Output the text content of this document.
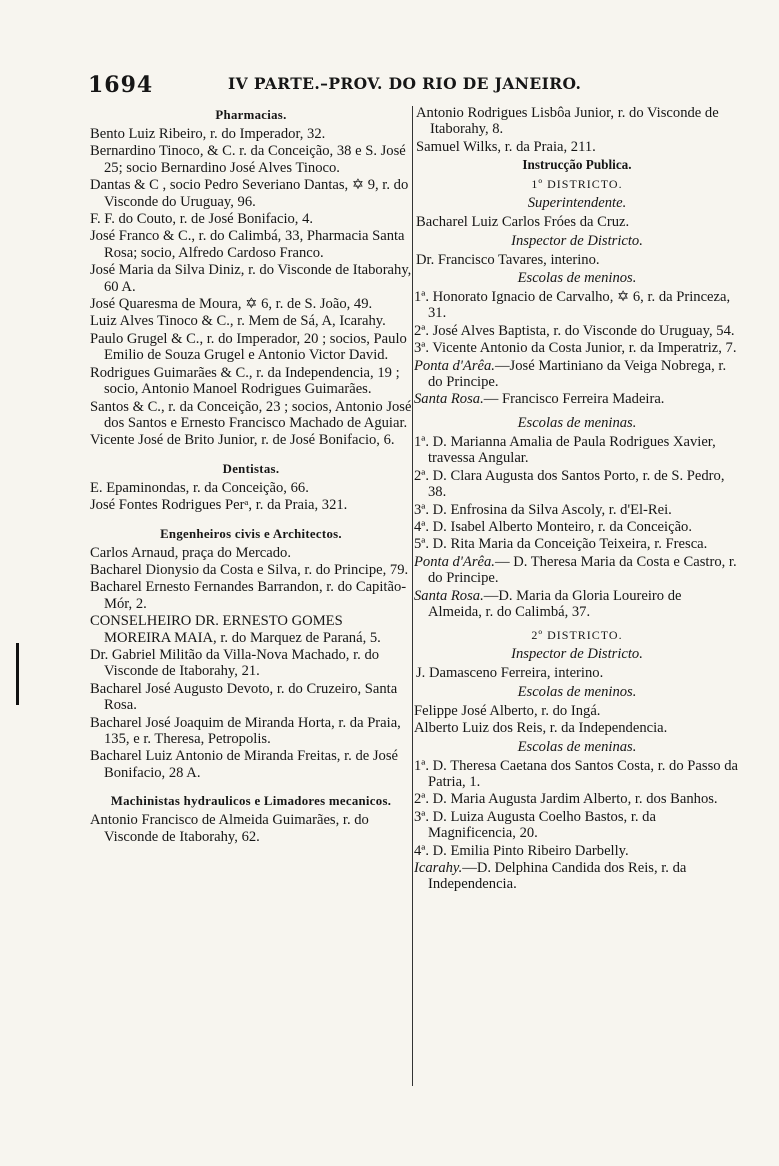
1694	IV PARTE.–PROV. DO RIO DE JANEIRO.
Pharmacias.
Bento Luiz Ribeiro, r. do Imperador, 32.
Bernardino Tinoco, & C. r. da Conceição, 38 e S. José 25; socio Bernardino José Alves Tinoco.
Dantas & C , socio Pedro Severiano Dantas, ✡ 9, r. do Visconde do Uruguay, 96.
F. F. do Couto, r. de José Bonifacio, 4.
José Franco & C., r. do Calimbá, 33, Pharmacia Santa Rosa; socio, Alfredo Cardoso Franco.
José Maria da Silva Diniz, r. do Visconde de Itaborahy, 60 A.
José Quaresma de Moura, ✡ 6, r. de S. João, 49.
Luiz Alves Tinoco & C., r. Mem de Sá, A, Icarahy.
Paulo Grugel & C., r. do Imperador, 20 ; socios, Paulo Emilio de Souza Grugel e Antonio Victor David.
Rodrigues Guimarães & C., r. da Independencia, 19 ; socio, Antonio Manoel Rodrigues Guimarães.
Santos & C., r. da Conceição, 23 ; socios, Antonio José dos Santos e Ernesto Francisco Machado de Aguiar.
Vicente José de Brito Junior, r. de José Bonifacio, 6.
Dentistas.
E. Epaminondas, r. da Conceição, 66.
José Fontes Rodrigues Perᵃ, r. da Praia, 321.
Engenheiros civis e Architectos.
Carlos Arnaud, praça do Mercado.
Bacharel Dionysio da Costa e Silva, r. do Principe, 79.
Bacharel Ernesto Fernandes Barrandon, r. do Capitão-Mór, 2.
CONSELHEIRO DR. ERNESTO GOMES MOREIRA MAIA, r. do Marquez de Paraná, 5.
Dr. Gabriel Militão da Villa-Nova Machado, r. do Visconde de Itaborahy, 21.
Bacharel José Augusto Devoto, r. do Cruzeiro, Santa Rosa.
Bacharel José Joaquim de Miranda Horta, r. da Praia, 135, e r. Theresa, Petropolis.
Bacharel Luiz Antonio de Miranda Freitas, r. de José Bonifacio, 28 A.
Machinistas hydraulicos e Limadores mecanicos.
Antonio Francisco de Almeida Guimarães, r. do Visconde de Itaborahy, 62.
Antonio Rodrigues Lisbôa Junior, r. do Visconde de Itaborahy, 8.
Samuel Wilks, r. da Praia, 211.
Instrucção Publica.
1º DISTRICTO.
Superintendente.
Bacharel Luiz Carlos Fróes da Cruz.
Inspector de Districto.
Dr. Francisco Tavares, interino.
Escolas de meninos.
1ª. Honorato Ignacio de Carvalho, ✡ 6, r. da Princeza, 31.
2ª. José Alves Baptista, r. do Visconde do Uruguay, 54.
3ª. Vicente Antonio da Costa Junior, r. da Imperatriz, 7.
Ponta d'Arêa.—José Martiniano da Veiga Nobrega, r. do Principe.
Santa Rosa.— Francisco Ferreira Madeira.
Escolas de meninas.
1ª. D. Marianna Amalia de Paula Rodrigues Xavier, travessa Angular.
2ª. D. Clara Augusta dos Santos Porto, r. de S. Pedro, 38.
3ª. D. Enfrosina da Silva Ascoly, r. d'El-Rei.
4ª. D. Isabel Alberto Monteiro, r. da Conceição.
5ª. D. Rita Maria da Conceição Teixeira, r. Fresca.
Ponta d'Arêa.— D. Theresa Maria da Costa e Castro, r. do Principe.
Santa Rosa.—D. Maria da Gloria Loureiro de Almeida, r. do Calimbá, 37.
2º DISTRICTO.
Inspector de Districto.
J. Damasceno Ferreira, interino.
Escolas de meninos.
Felippe José Alberto, r. do Ingá.
Alberto Luiz dos Reis, r. da Independencia.
Escolas de meninas.
1ª. D. Theresa Caetana dos Santos Costa, r. do Passo da Patria, 1.
2ª. D. Maria Augusta Jardim Alberto, r. dos Banhos.
3ª. D. Luiza Augusta Coelho Bastos, r. da Magnificencia, 20.
4ª. D. Emilia Pinto Ribeiro Darbelly.
Icarahy.—D. Delphina Candida dos Reis, r. da Independencia.
